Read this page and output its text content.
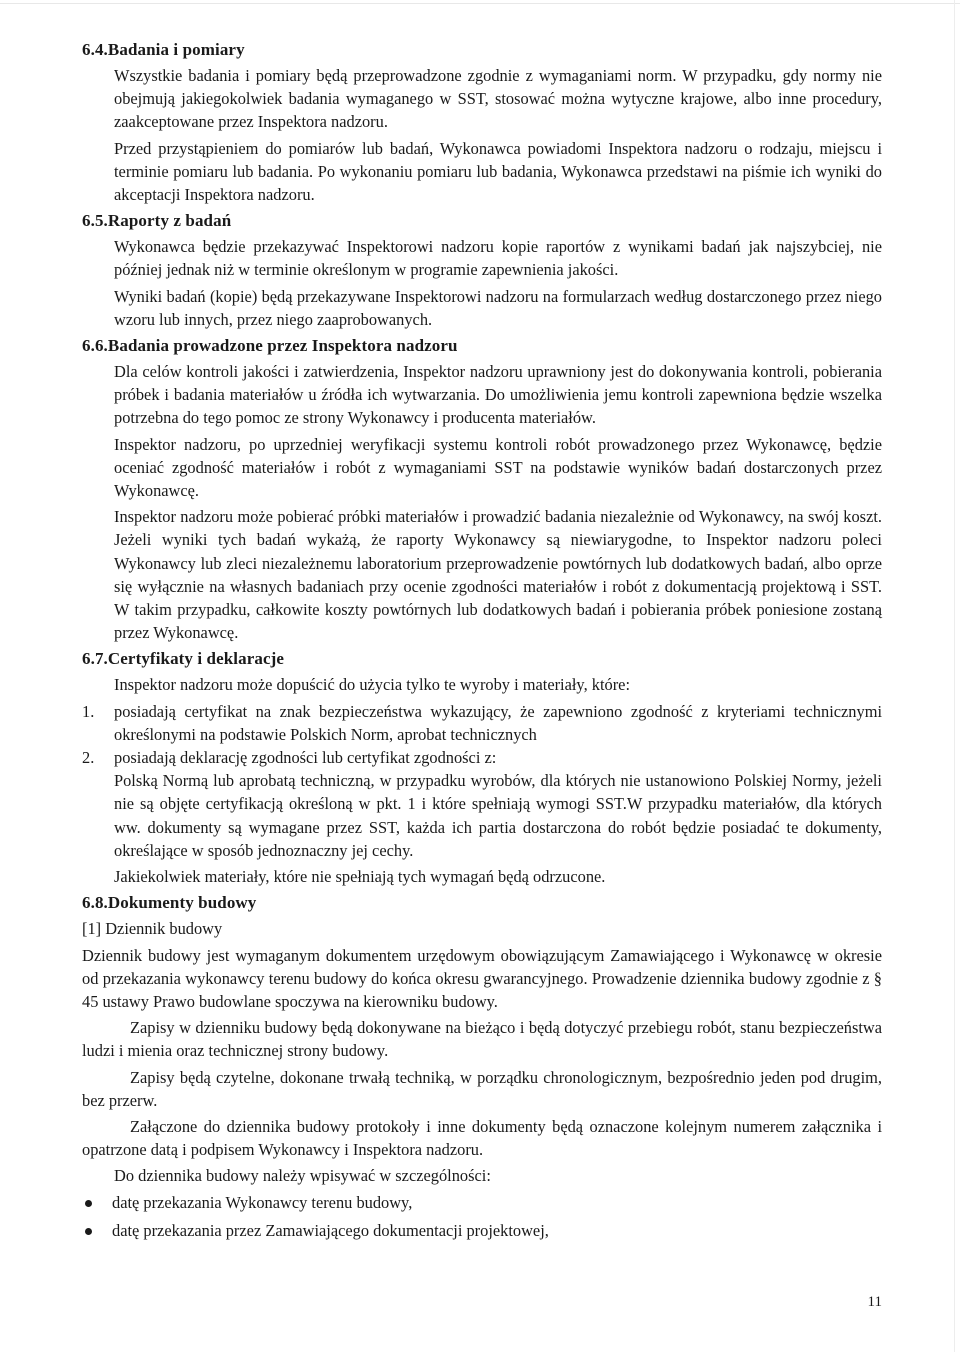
6.4.Badania i pomiary
Wszystkie badania i pomiary będą przeprowadzone zgodnie z wymaganiami norm. W przypadku, gdy normy nie obejmują jakiegokolwiek badania wymaganego w SST, stosować można wytyczne krajowe, albo inne procedury, zaakceptowane przez Inspektora nadzoru.
Przed przystąpieniem do pomiarów lub badań, Wykonawca powiadomi Inspektora nadzoru o rodzaju, miejscu i terminie pomiaru lub badania. Po wykonaniu pomiaru lub badania, Wykonawca przedstawi na piśmie ich wyniki do akceptacji Inspektora nadzoru.
6.5.Raporty z badań
Wykonawca będzie przekazywać Inspektorowi nadzoru kopie raportów z wynikami badań jak najszybciej, nie później jednak niż w terminie określonym w programie zapewnienia jakości.
Wyniki badań (kopie) będą przekazywane Inspektorowi nadzoru na formularzach według dostarczonego przez niego wzoru lub innych, przez niego zaaprobowanych.
6.6.Badania prowadzone przez Inspektora nadzoru
Dla celów kontroli jakości i zatwierdzenia, Inspektor nadzoru uprawniony jest do dokonywania kontroli, pobierania próbek i badania materiałów u źródła ich wytwarzania. Do umożliwienia jemu kontroli zapewniona będzie wszelka potrzebna do tego pomoc ze strony Wykonawcy i producenta materiałów.
Inspektor nadzoru, po uprzedniej weryfikacji systemu kontroli robót prowadzonego przez Wykonawcę, będzie oceniać zgodność materiałów i robót z wymaganiami SST na podstawie wyników badań dostarczonych przez Wykonawcę.
Inspektor nadzoru może pobierać próbki materiałów i prowadzić badania niezależnie od Wykonawcy, na swój koszt. Jeżeli wyniki tych badań wykażą, że raporty Wykonawcy są niewiarygodne, to Inspektor nadzoru poleci Wykonawcy lub zleci niezależnemu laboratorium przeprowadzenie powtórnych lub dodatkowych badań, albo oprze się wyłącznie na własnych badaniach przy ocenie zgodności materiałów i robót z dokumentacją projektową i SST. W takim przypadku, całkowite koszty powtórnych lub dodatkowych badań i pobierania próbek poniesione zostaną przez Wykonawcę.
6.7.Certyfikaty i deklaracje
Inspektor nadzoru może dopuścić do użycia tylko te wyroby i materiały, które:
1.	posiadają certyfikat na znak bezpieczeństwa wykazujący, że zapewniono zgodność z kryteriami technicznymi określonymi na podstawie Polskich Norm, aprobat technicznych
2.	posiadają deklarację zgodności lub certyfikat zgodności z:
Polską Normą lub aprobatą techniczną, w przypadku wyrobów, dla których nie ustanowiono Polskiej Normy, jeżeli nie są objęte certyfikacją określoną w pkt. 1 i które spełniają wymogi SST.W przypadku materiałów, dla których ww. dokumenty są wymagane przez SST, każda ich partia dostarczona do robót będzie posiadać te dokumenty, określające w sposób jednoznaczny jej cechy.
Jakiekolwiek materiały, które nie spełniają tych wymagań będą odrzucone.
6.8.Dokumenty budowy
[1] Dziennik budowy
Dziennik budowy jest wymaganym dokumentem urzędowym obowiązującym Zamawiającego i Wykonawcę w okresie od przekazania wykonawcy terenu budowy do końca okresu gwarancyjnego. Prowadzenie dziennika budowy zgodnie z § 45 ustawy Prawo budowlane spoczywa na kierowniku budowy.
Zapisy w dzienniku budowy będą dokonywane na bieżąco i będą dotyczyć przebiegu robót, stanu bezpieczeństwa ludzi i mienia oraz technicznej strony budowy.
Zapisy będą czytelne, dokonane trwałą techniką, w porządku chronologicznym, bezpośrednio jeden pod drugim, bez przerw.
Załączone do dziennika budowy protokoły i inne dokumenty będą oznaczone kolejnym numerem załącznika i opatrzone datą i podpisem Wykonawcy i Inspektora nadzoru.
Do dziennika budowy należy wpisywać w szczególności:
datę przekazania Wykonawcy terenu budowy,
datę przekazania przez Zamawiającego dokumentacji projektowej,
11
